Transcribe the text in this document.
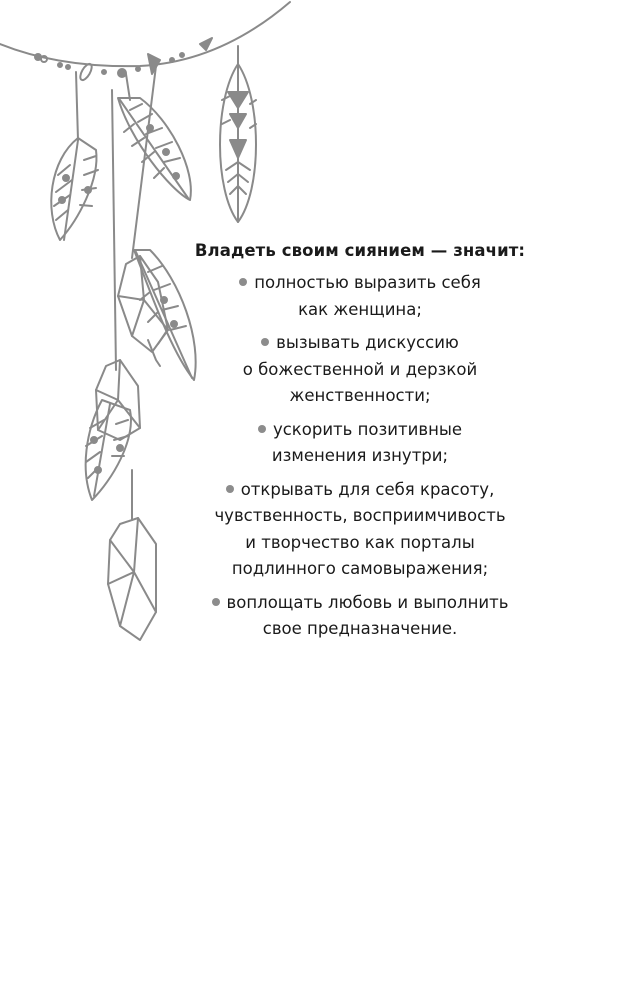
Владеть своим сиянием — значит:

полностью выразить себя
как женщина;
вызывать дискуссию
о божественной и дерзкой
женственности;
ускорить позитивные
изменения изнутри;
открывать для себя красоту,
чувственность, восприимчивость
и творчество как порталы
подлинного самовыражения;
воплощать любовь и выполнить
свое предназначение.
